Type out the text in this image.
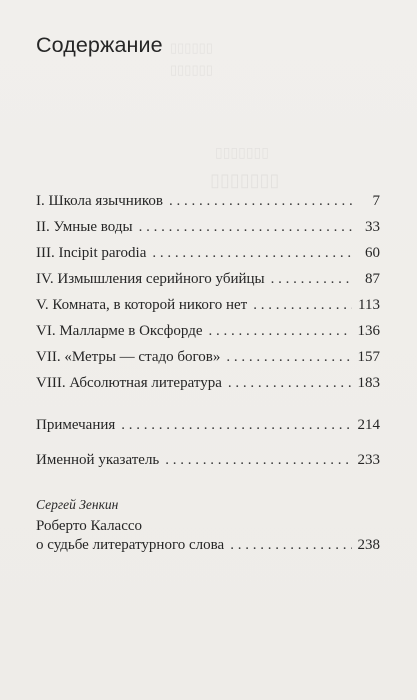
▯▯▯▯▯▯
▯▯▯▯▯▯
▯▯▯▯▯▯▯
▯▯▯▯▯▯▯
Содержание
I. Школа язычников . . .	7
II. Умные воды . . .	33
III. Incipit parodia . . .	60
IV. Измышления серийного убийцы . . .	87
V. Комната, в которой никого нет . . .	113
VI. Малларме в Оксфорде . . .	136
VII. «Метры — стадо богов» . . .	157
VIII. Абсолютная литература . . .	183
Примечания . . .	214
Именной указатель . . .	233
Сергей Зенкин
Роберто Калассо
о судьбе литературного слова . . .	238
